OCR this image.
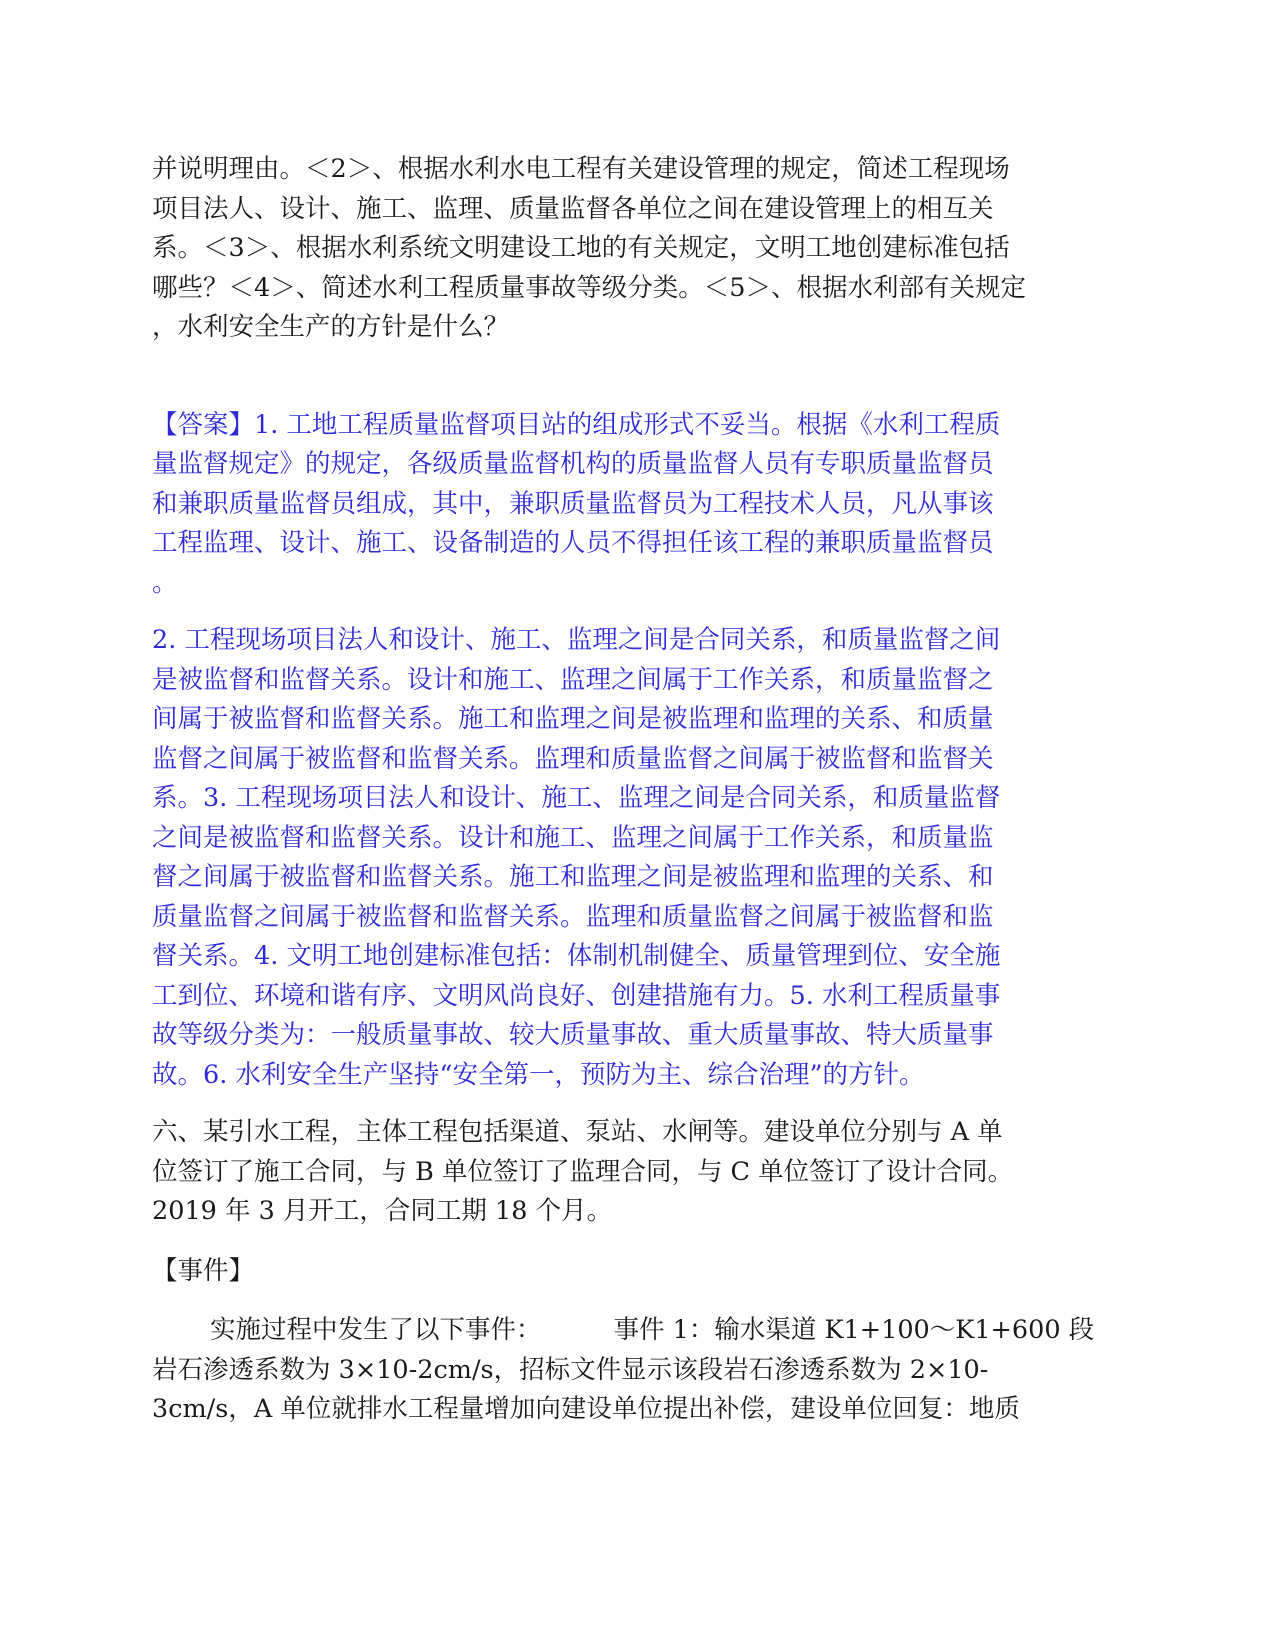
并说明理由。＜2＞、根据水利水电工程有关建设管理的规定，简述工程现场
项目法人、设计、施工、监理、质量监督各单位之间在建设管理上的相互关
系。＜3＞、根据水利系统文明建设工地的有关规定，文明工地创建标准包括
哪些？＜4＞、简述水利工程质量事故等级分类。＜5＞、根据水利部有关规定
，水利安全生产的方针是什么？
【答案】1. 工地工程质量监督项目站的组成形式不妥当。根据《水利工程质
量监督规定》的规定，各级质量监督机构的质量监督人员有专职质量监督员
和兼职质量监督员组成，其中，兼职质量监督员为工程技术人员，凡从事该
工程监理、设计、施工、设备制造的人员不得担任该工程的兼职质量监督员
。
2. 工程现场项目法人和设计、施工、监理之间是合同关系，和质量监督之间
是被监督和监督关系。设计和施工、监理之间属于工作关系，和质量监督之
间属于被监督和监督关系。施工和监理之间是被监理和监理的关系、和质量
监督之间属于被监督和监督关系。监理和质量监督之间属于被监督和监督关
系。3. 工程现场项目法人和设计、施工、监理之间是合同关系，和质量监督
之间是被监督和监督关系。设计和施工、监理之间属于工作关系，和质量监
督之间属于被监督和监督关系。施工和监理之间是被监理和监理的关系、和
质量监督之间属于被监督和监督关系。监理和质量监督之间属于被监督和监
督关系。4. 文明工地创建标准包括：体制机制健全、质量管理到位、安全施
工到位、环境和谐有序、文明风尚良好、创建措施有力。5. 水利工程质量事
故等级分类为：一般质量事故、较大质量事故、重大质量事故、特大质量事
故。6. 水利安全生产坚持“安全第一，预防为主、综合治理”的方针。
六、某引水工程，主体工程包括渠道、泵站、水闸等。建设单位分别与 A 单
位签订了施工合同，与 B 单位签订了监理合同，与 C 单位签订了设计合同。
2019 年 3 月开工，合同工期 18 个月。
【事件】
实施过程中发生了以下事件：	事件 1：输水渠道 K1+100～K1+600 段
岩石渗透系数为 3×10-2cm/s，招标文件显示该段岩石渗透系数为 2×10-
3cm/s，A 单位就排水工程量增加向建设单位提出补偿，建设单位回复：地质
